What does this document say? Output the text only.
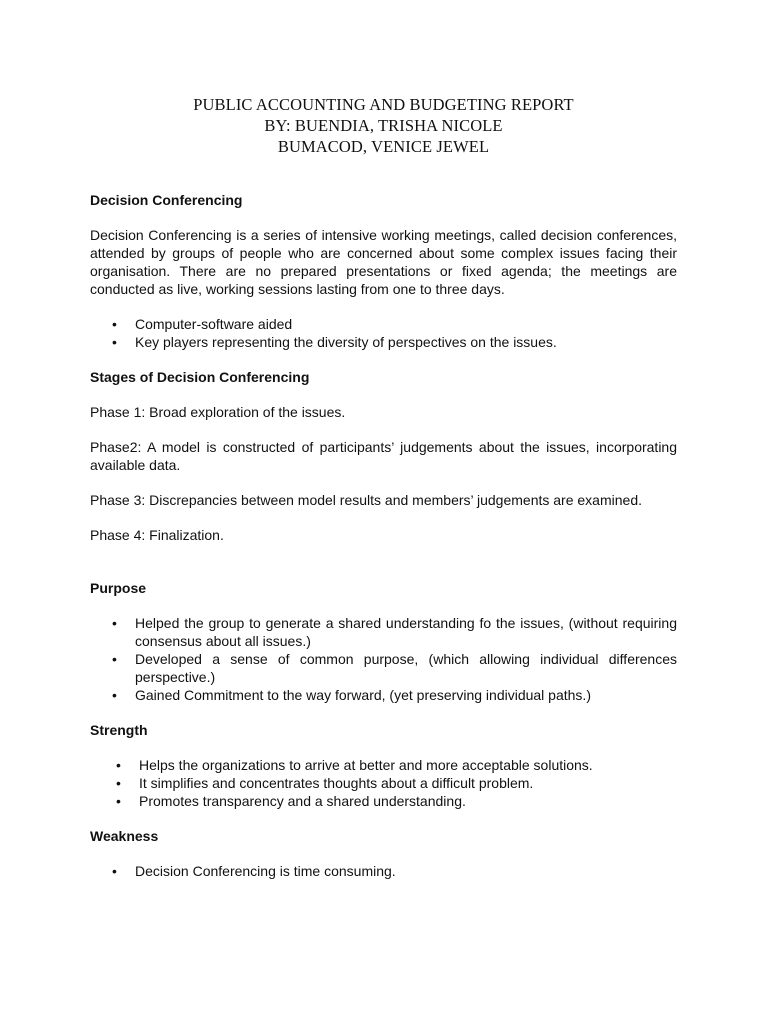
PUBLIC ACCOUNTING AND BUDGETING REPORT
BY: BUENDIA, TRISHA NICOLE
BUMACOD, VENICE JEWEL
Decision Conferencing

Decision Conferencing is a series of intensive working meetings, called decision conferences, attended by groups of people who are concerned about some complex issues facing their organisation. There are no prepared presentations or fixed agenda; the meetings are conducted as live, working sessions lasting from one to three days.

• Computer-software aided
• Key players representing the diversity of perspectives on the issues.
Stages of Decision Conferencing

Phase 1: Broad exploration of the issues.

Phase2: A model is constructed of participants’ judgements about the issues, incorporating available data.

Phase 3: Discrepancies between model results and members’ judgements are examined.

Phase 4: Finalization.

Purpose
• Helped the group to generate a shared understanding fo the issues, (without requiring consensus about all issues.)
• Developed a sense of common purpose, (which allowing individual differences perspective.)
• Gained Commitment to the way forward, (yet preserving individual paths.)
Strength
• Helps the organizations to arrive at better and more acceptable solutions.
• It simplifies and concentrates thoughts about a difficult problem.
• Promotes transparency and a shared understanding.
Weakness
• Decision Conferencing is time consuming.
